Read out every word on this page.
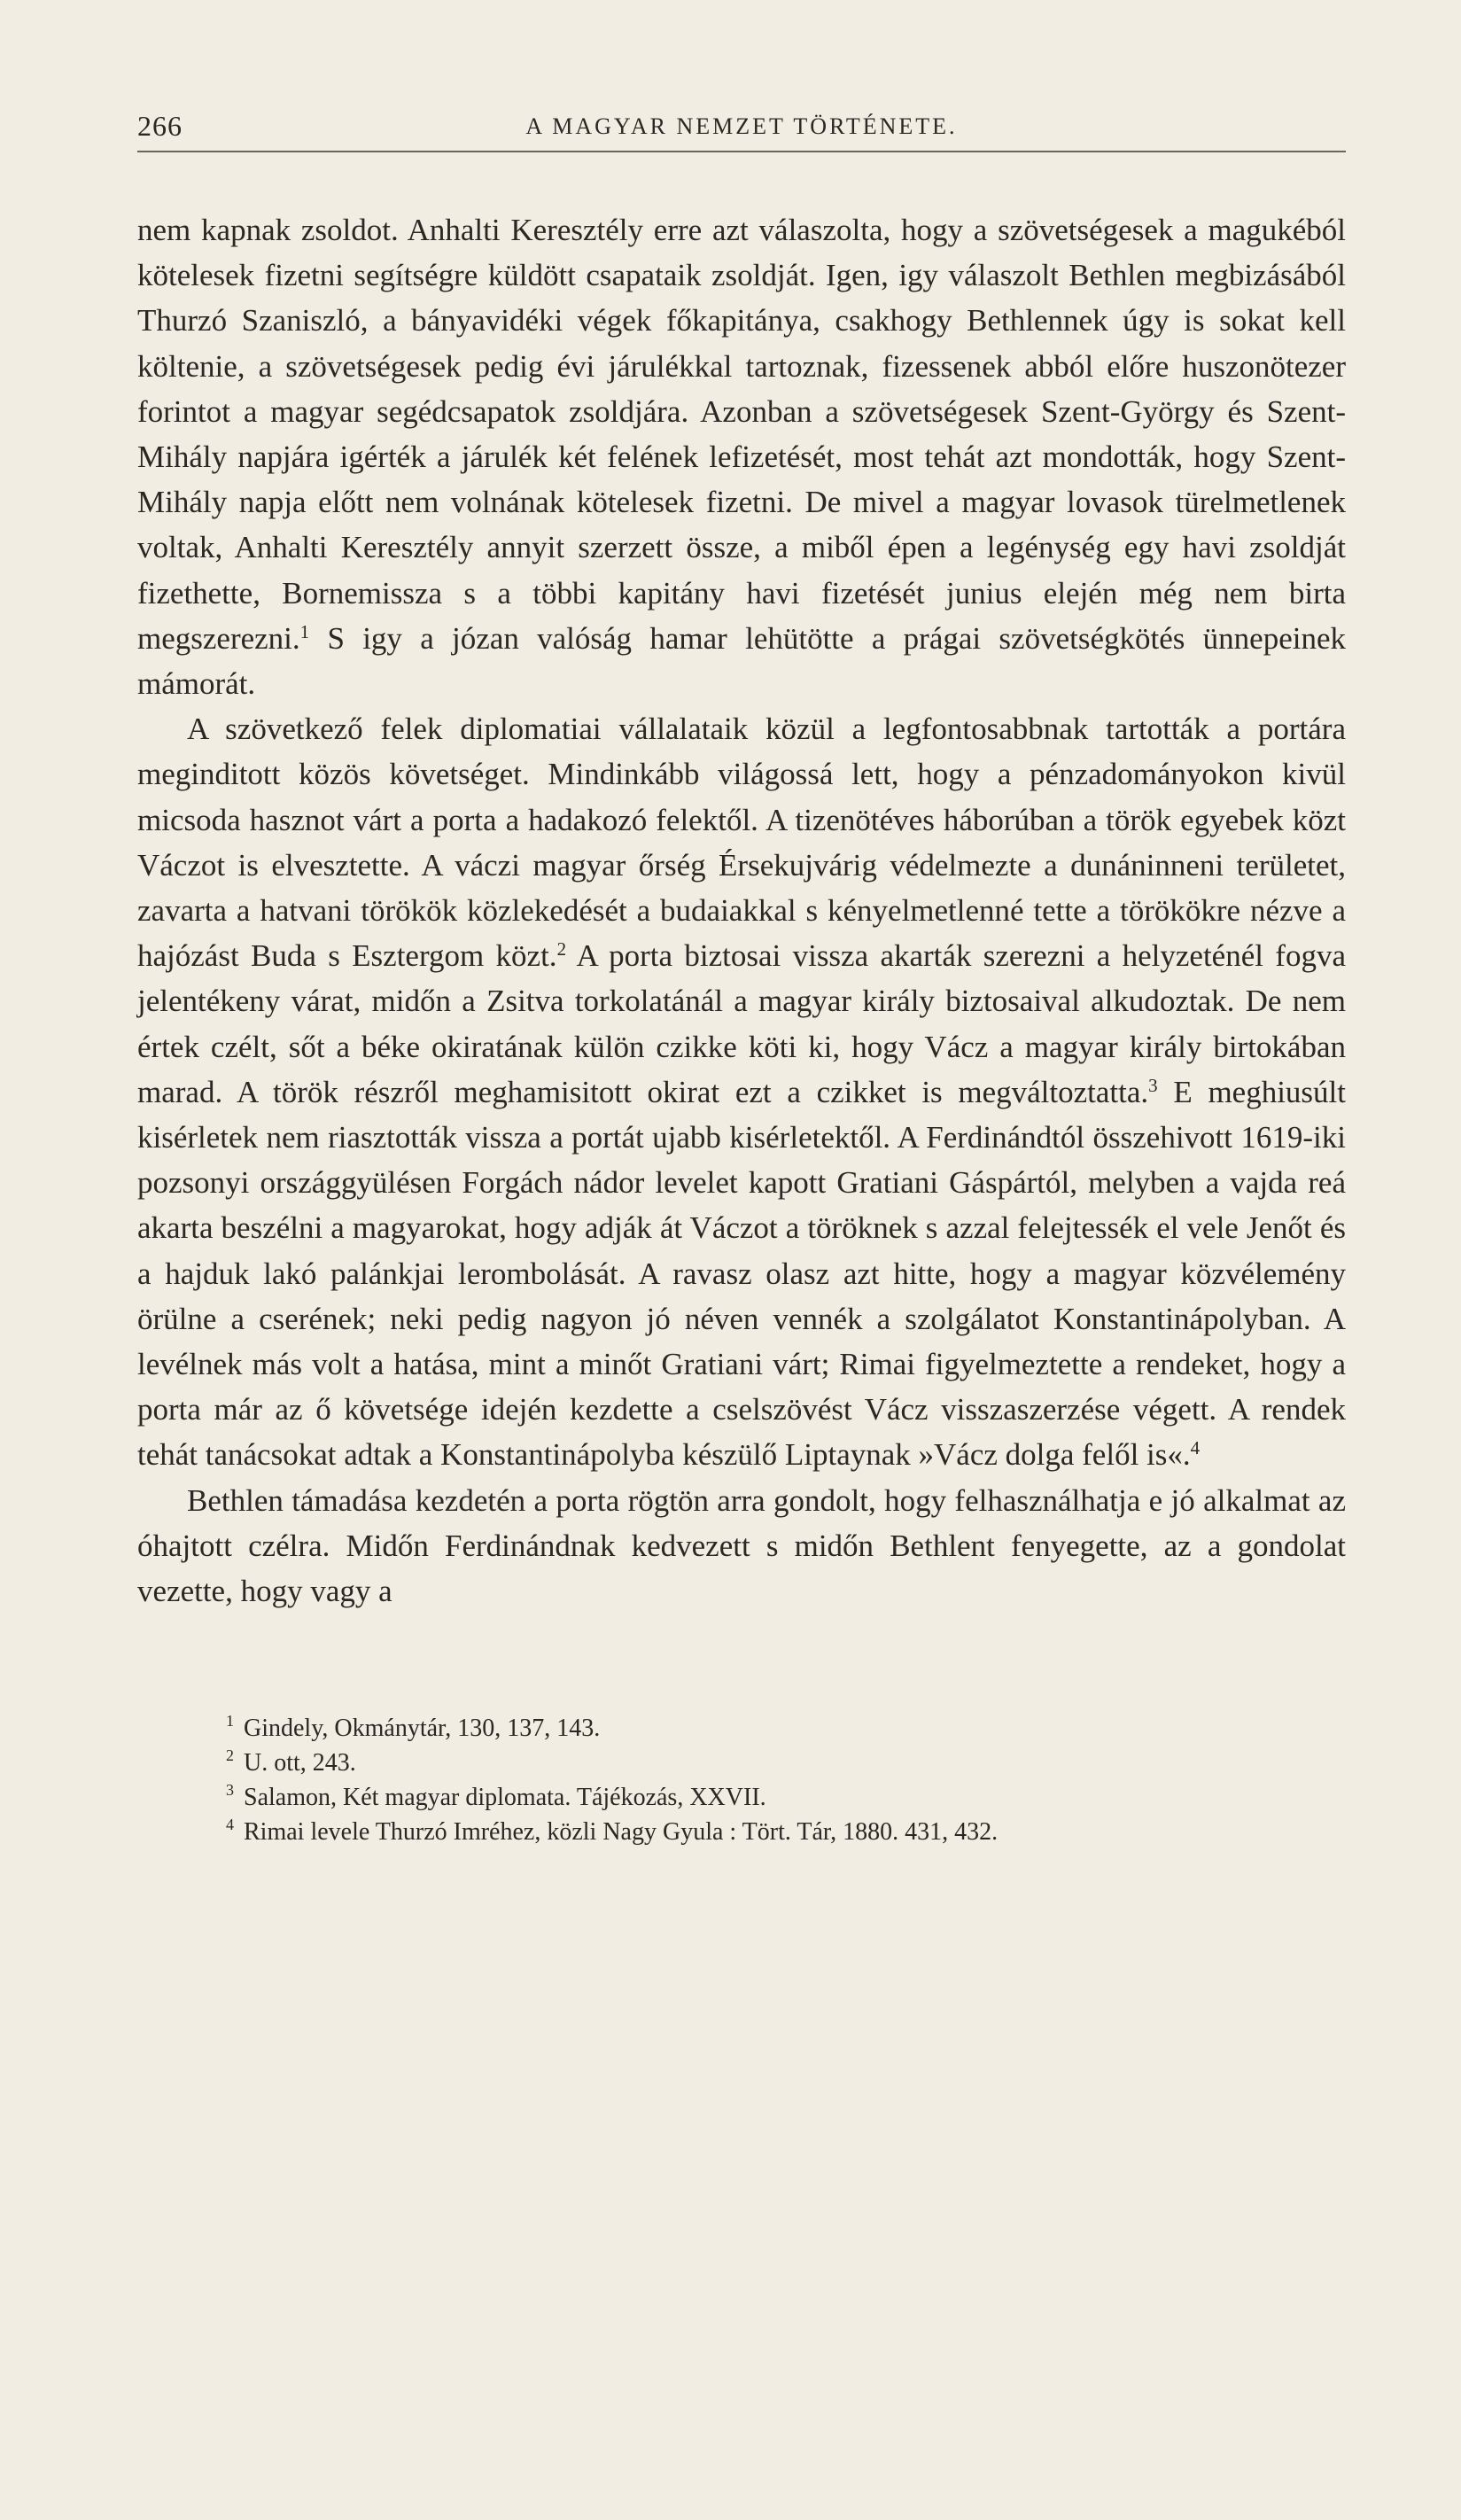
266	A MAGYAR NEMZET TÖRTÉNETE.

nem kapnak zsoldot. Anhalti Keresztély erre azt válaszolta, hogy a szövetségesek a magukéból kötelesek fizetni segítségre küldött csapataik zsoldját. Igen, igy válaszolt Bethlen megbizásából Thurzó Szaniszló, a bányavidéki végek főkapitánya, csakhogy Bethlennek úgy is sokat kell költenie, a szövetségesek pedig évi járulékkal tartoznak, fizessenek abból előre huszonötezer forintot a magyar segédcsapatok zsoldjára. Azonban a szövetségesek Szent-György és Szent-Mihály napjára igérték a járulék két felének lefizetését, most tehát azt mondották, hogy Szent-Mihály napja előtt nem volnának kötelesek fizetni. De mivel a magyar lovasok türelmetlenek voltak, Anhalti Keresztély annyit szerzett össze, a miből épen a legénység egy havi zsoldját fizethette, Bornemissza s a többi kapitány havi fizetését junius elején még nem birta megszerezni.$^1$ S igy a józan valóság hamar lehütötte a prágai szövetségkötés ünnepeinek mámorát.

A szövetkező felek diplomatiai vállalataik közül a legfontosabbnak tartották a portára meginditott közös követséget. Mindinkább világossá lett, hogy a pénzadományokon kivül micsoda hasznot várt a porta a hadakozó felektől. A tizenötéves háborúban a török egyebek közt Váczot is elvesztette. A váczi magyar őrség Érsekujvárig védelmezte a dunáninneni területet, zavarta a hatvani törökök közlekedését a budaiakkal s kényelmetlenné tette a törökökre nézve a hajózást Buda s Esztergom közt.$^2$ A porta biztosai vissza akarták szerezni a helyzeténél fogva jelentékeny várat, midőn a Zsitva torkolatánál a magyar király biztosaival alkudoztak. De nem értek czélt, sőt a béke okiratának külön czikke köti ki, hogy Vácz a magyar király birtokában marad. A török részről meghamisitott okirat ezt a czikket is megváltoztatta.$^3$ E meghiusúlt kisérletek nem riasztották vissza a portát ujabb kisérletektől. A Ferdinándtól összehivott 1619-iki pozsonyi országgyülésen Forgách nádor levelet kapott Gratiani Gáspártól, melyben a vajda reá akarta beszélni a magyarokat, hogy adják át Váczot a töröknek s azzal felejtessék el vele Jenőt és a hajduk lakó palánkjai lerombolását. A ravasz olasz azt hitte, hogy a magyar közvélemény örülne a cserének; neki pedig nagyon jó néven vennék a szolgálatot Konstantinápolyban. A levélnek más volt a hatása, mint a minőt Gratiani várt; Rimai figyelmeztette a rendeket, hogy a porta már az ő követsége idején kezdette a cselszövést Vácz visszaszerzése végett. A rendek tehát tanácsokat adtak a Konstantinápolyba készülő Liptaynak »Vácz dolga felől is«.$^4$

Bethlen támadása kezdetén a porta rögtön arra gondolt, hogy felhasználhatja e jó alkalmat az óhajtott czélra. Midőn Ferdinándnak kedvezett s midőn Bethlent fenyegette, az a gondolat vezette, hogy vagy a

1 Gindely, Okmánytár, 130, 137, 143.
2 U. ott, 243.
3 Salamon, Két magyar diplomata. Tájékozás, XXVII.
4 Rimai levele Thurzó Imréhez, közli Nagy Gyula : Tört. Tár, 1880. 431, 432.
